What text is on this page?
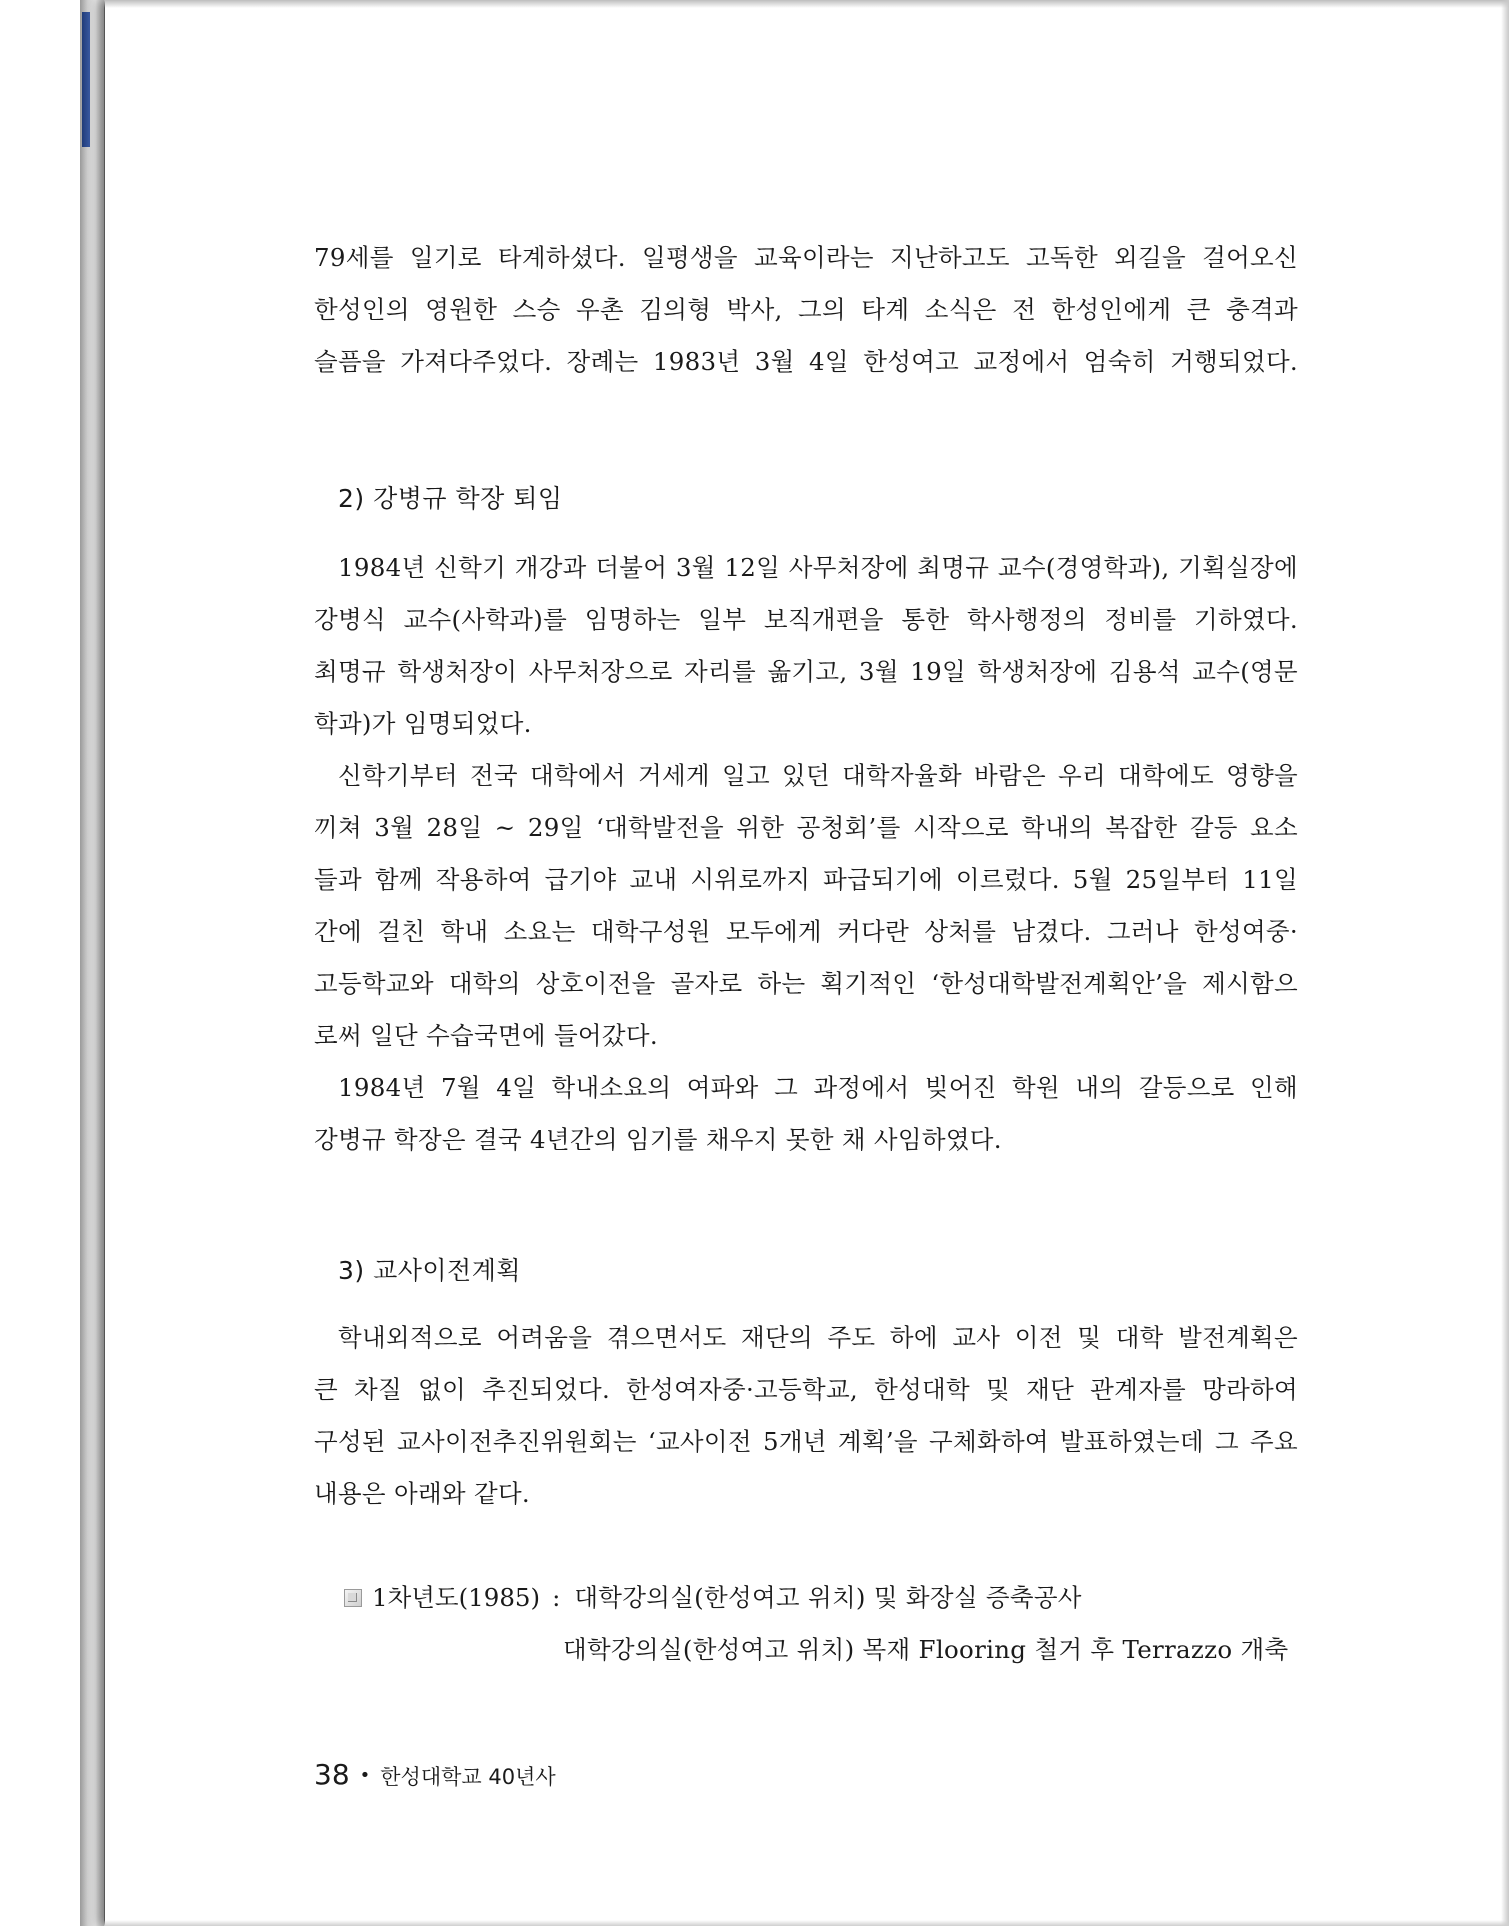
79세를 일기로 타계하셨다. 일평생을 교육이라는 지난하고도 고독한 외길을 걸어오신
한성인의 영원한 스승 우촌 김의형 박사, 그의 타계 소식은 전 한성인에게 큰 충격과
슬픔을 가져다주었다. 장례는 1983년 3월 4일 한성여고 교정에서 엄숙히 거행되었다.

2) 강병규 학장 퇴임

1984년 신학기 개강과 더불어 3월 12일 사무처장에 최명규 교수(경영학과), 기획실장에
강병식 교수(사학과)를 임명하는 일부 보직개편을 통한 학사행정의 정비를 기하였다.
최명규 학생처장이 사무처장으로 자리를 옮기고, 3월 19일 학생처장에 김용석 교수(영문
학과)가 임명되었다.

신학기부터 전국 대학에서 거세게 일고 있던 대학자율화 바람은 우리 대학에도 영향을
끼쳐 3월 28일 ~ 29일 ‘대학발전을 위한 공청회’를 시작으로 학내의 복잡한 갈등 요소
들과 함께 작용하여 급기야 교내 시위로까지 파급되기에 이르렀다. 5월 25일부터 11일
간에 걸친 학내 소요는 대학구성원 모두에게 커다란 상처를 남겼다. 그러나 한성여중·
고등학교와 대학의 상호이전을 골자로 하는 획기적인 ‘한성대학발전계획안’을 제시함으
로써 일단 수습국면에 들어갔다.

1984년 7월 4일 학내소요의 여파와 그 과정에서 빚어진 학원 내의 갈등으로 인해
강병규 학장은 결국 4년간의 임기를 채우지 못한 채 사임하였다.

3) 교사이전계획

학내외적으로 어려움을 겪으면서도 재단의 주도 하에 교사 이전 및 대학 발전계획은
큰 차질 없이 추진되었다. 한성여자중·고등학교, 한성대학 및 재단 관계자를 망라하여
구성된 교사이전추진위원회는 ‘교사이전 5개년 계획’을 구체화하여 발표하였는데 그 주요
내용은 아래와 같다.

1차년도(1985) : 대학강의실(한성여고 위치) 및 화장실 증축공사
대학강의실(한성여고 위치) 목재 Flooring 철거 후 Terrazzo 개축
38 • 한성대학교 40년사
